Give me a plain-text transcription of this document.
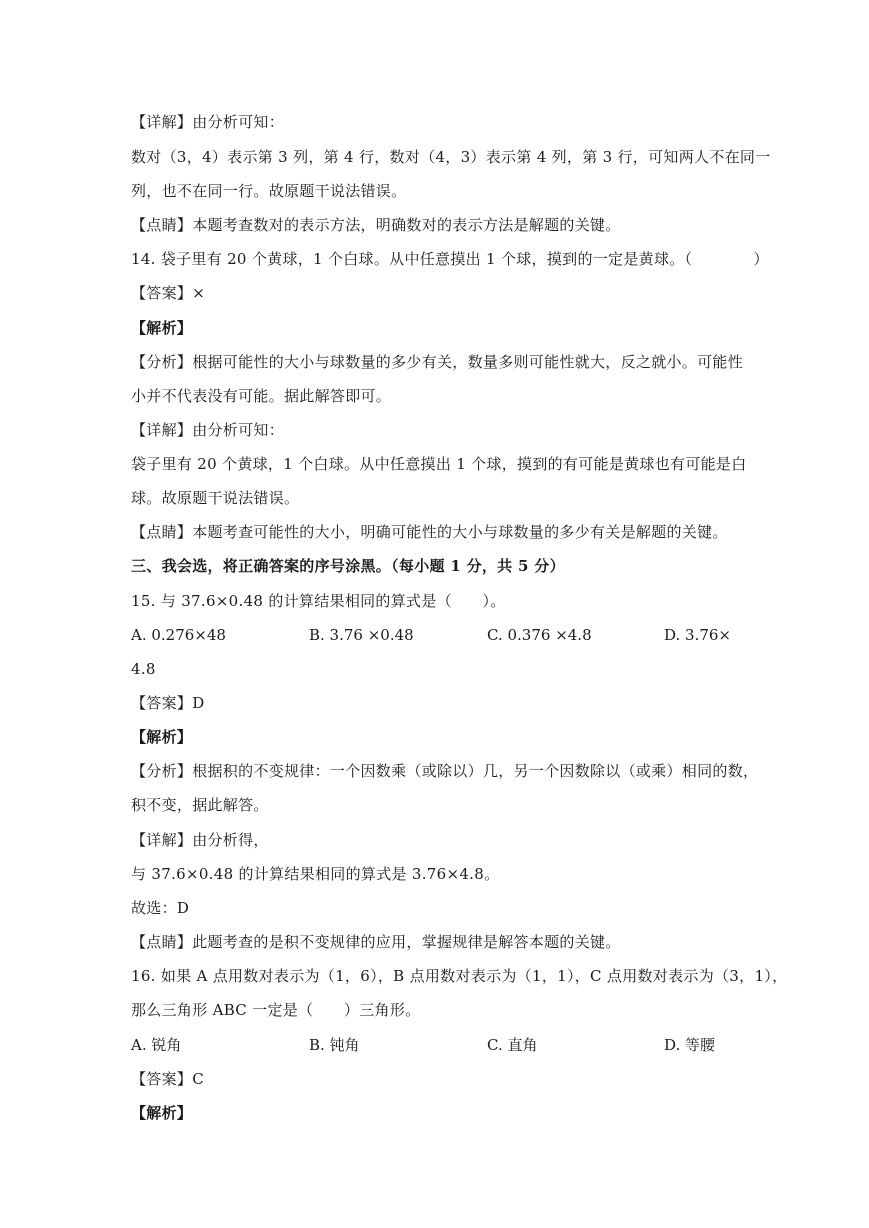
【详解】由分析可知：
数对（3，4）表示第 3 列，第 4 行，数对（4，3）表示第 4 列，第 3 行，可知两人不在同一
列，也不在同一行。故原题干说法错误。
【点睛】本题考查数对的表示方法，明确数对的表示方法是解题的关键。
14. 袋子里有 20 个黄球，1 个白球。从中任意摸出 1 个球，摸到的一定是黄球。（　　　　）
【答案】×
【解析】
【分析】根据可能性的大小与球数量的多少有关，数量多则可能性就大，反之就小。可能性
小并不代表没有可能。据此解答即可。
【详解】由分析可知：
袋子里有 20 个黄球，1 个白球。从中任意摸出 1 个球，摸到的有可能是黄球也有可能是白
球。故原题干说法错误。
【点睛】本题考查可能性的大小，明确可能性的大小与球数量的多少有关是解题的关键。
三、我会选，将正确答案的序号涂黑。（每小题 1 分，共 5 分）
15. 与 37.6×0.48 的计算结果相同的算式是（　　）。
A. 0.276×48	B. 3.76 ×0.48	C. 0.376 ×4.8	D. 3.76×
4.8
【答案】D
【解析】
【分析】根据积的不变规律：一个因数乘（或除以）几，另一个因数除以（或乘）相同的数，
积不变，据此解答。
【详解】由分析得，
与 37.6×0.48 的计算结果相同的算式是 3.76×4.8。
故选：D
【点睛】此题考查的是积不变规律的应用，掌握规律是解答本题的关键。
16. 如果 A 点用数对表示为（1，6），B 点用数对表示为（1，1），C 点用数对表示为（3，1），
那么三角形 ABC 一定是（　　）三角形。
A. 锐角	B. 钝角	C. 直角	D. 等腰
【答案】C
【解析】
